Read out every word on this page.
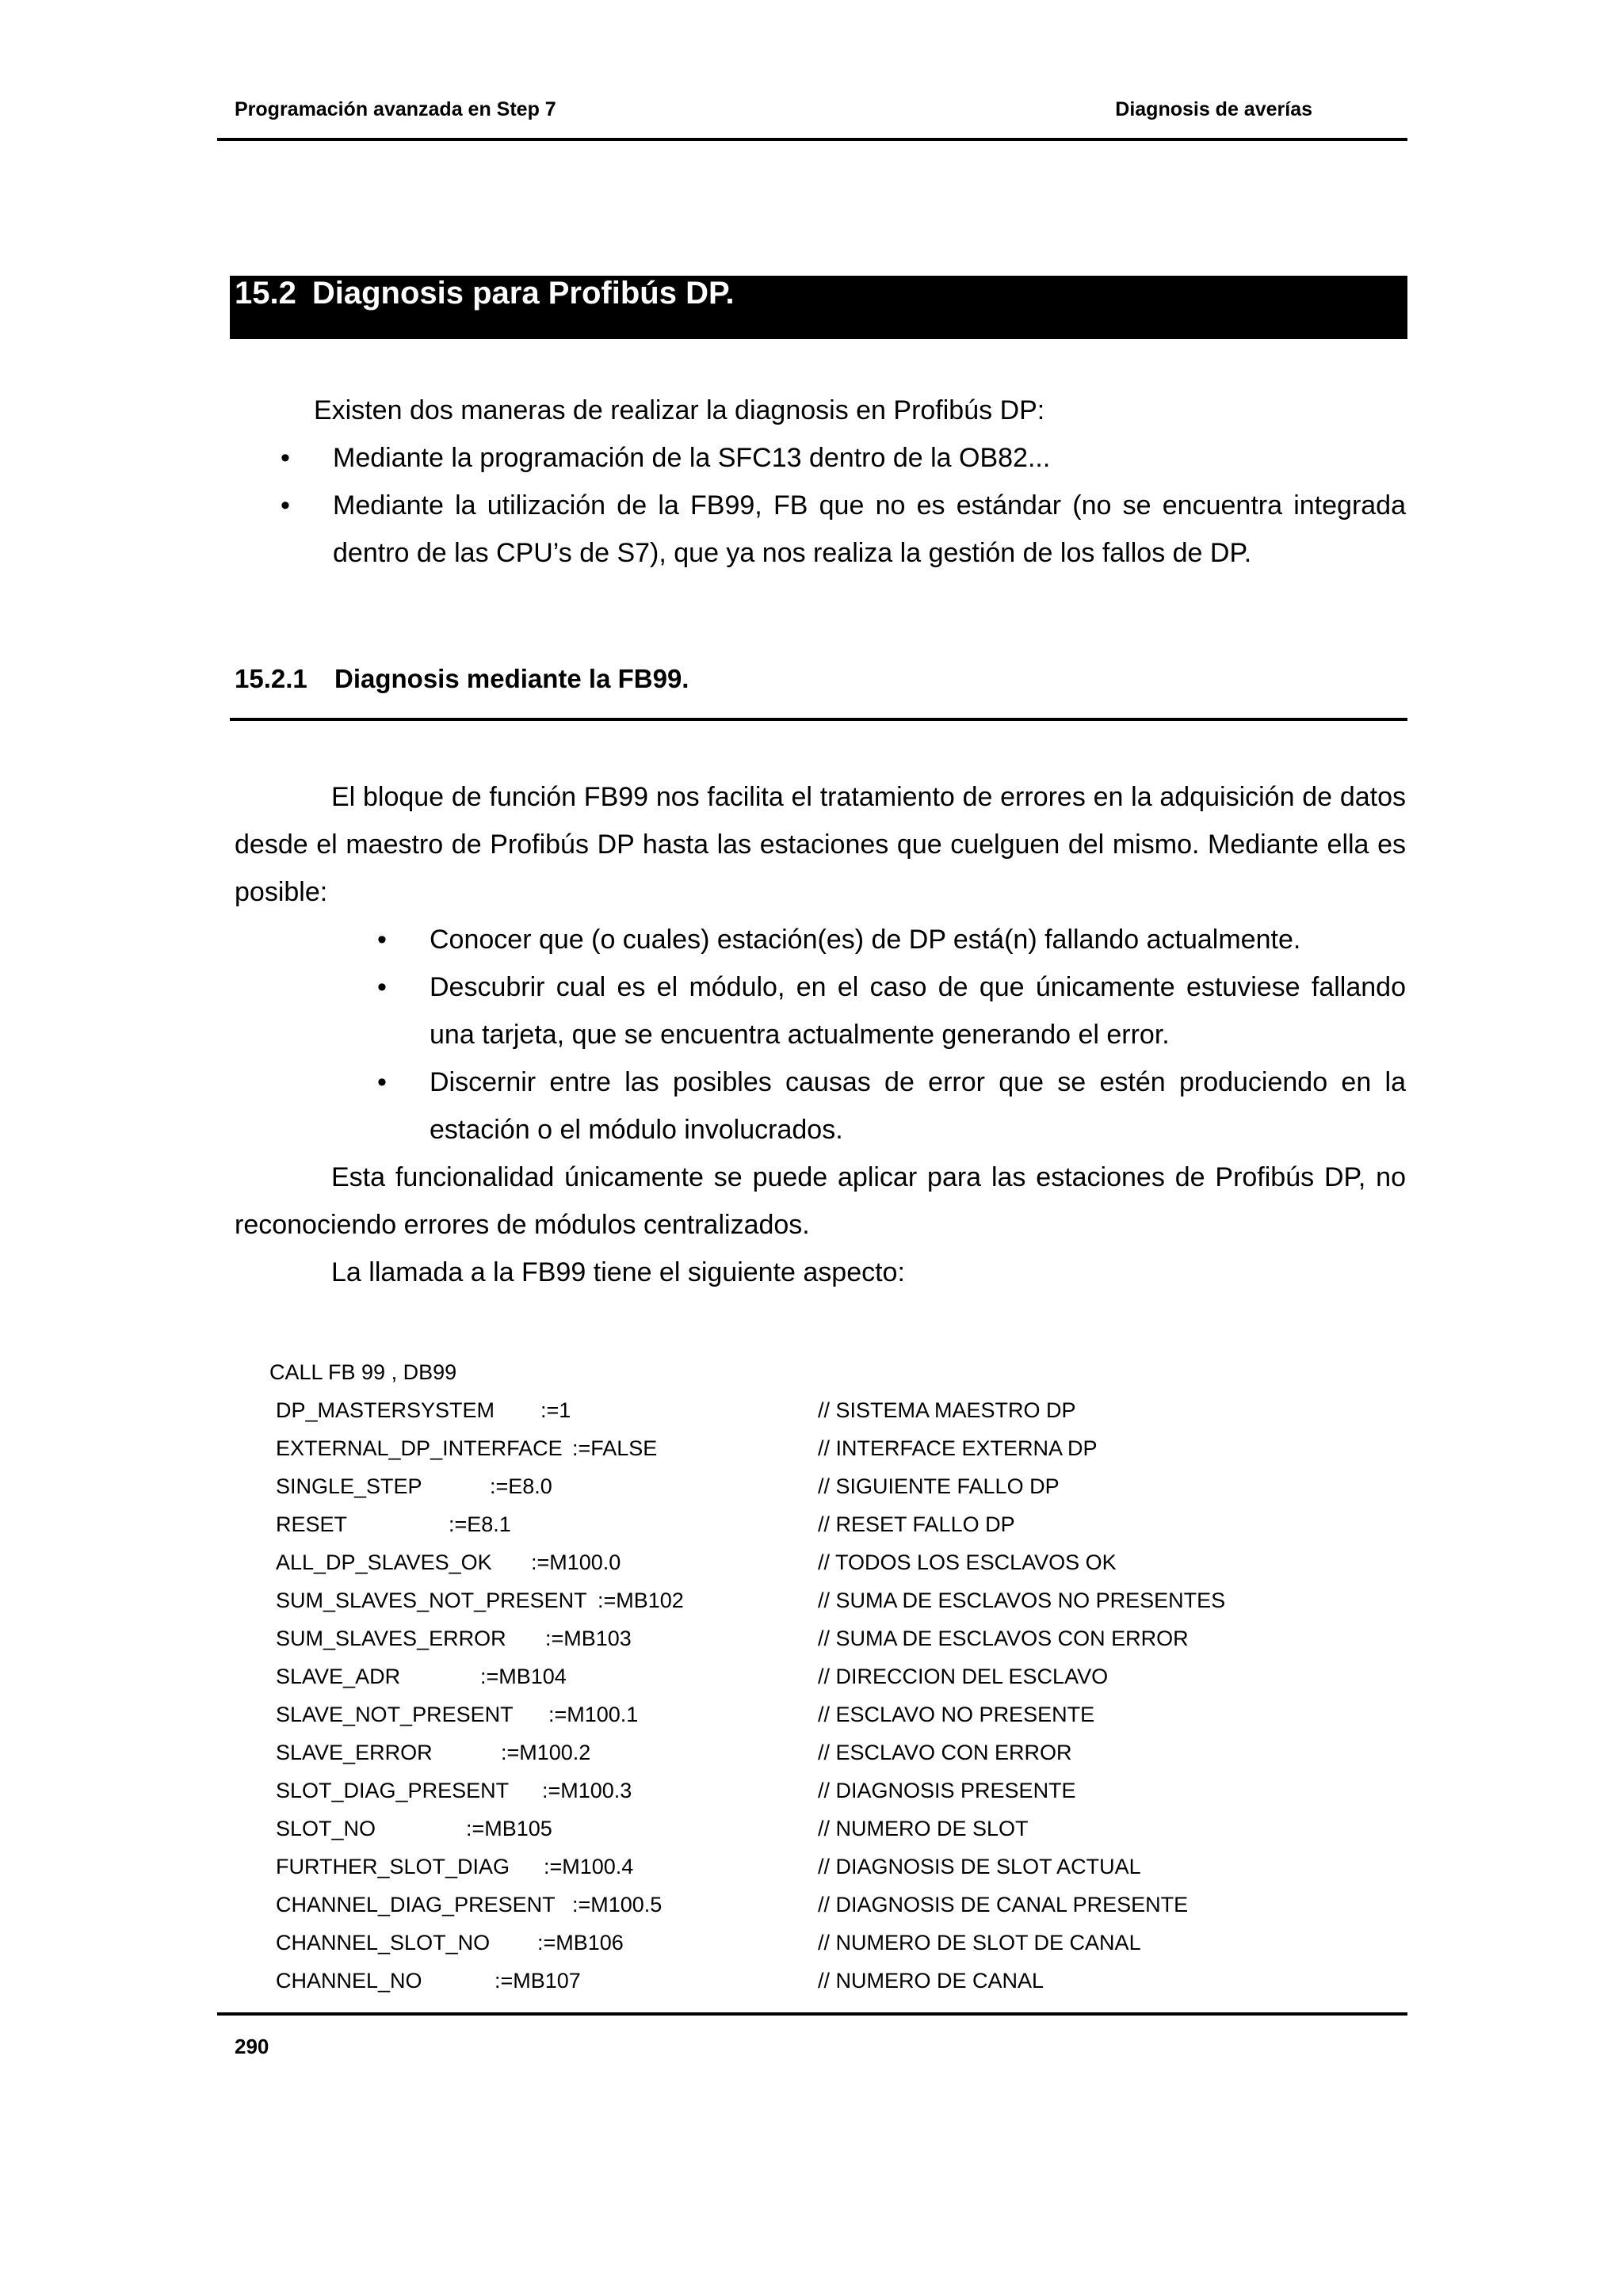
Programación avanzada en Step 7	Diagnosis de averías
15.2 Diagnosis para Profibús DP.
Existen dos maneras de realizar la diagnosis en Profibús DP:
• Mediante la programación de la SFC13 dentro de la OB82...
• Mediante la utilización de la FB99, FB que no es estándar (no se encuentra integrada dentro de las CPU’s de S7), que ya nos realiza la gestión de los fallos de DP.
15.2.1 Diagnosis mediante la FB99.
El bloque de función FB99 nos facilita el tratamiento de errores en la adquisición de datos desde el maestro de Profibús DP hasta las estaciones que cuelguen del mismo. Mediante ella es posible:
• Conocer que (o cuales) estación(es) de DP está(n) fallando actualmente.
• Descubrir cual es el módulo, en el caso de que únicamente estuviese fallando una tarjeta, que se encuentra actualmente generando el error.
• Discernir entre las posibles causas de error que se estén produciendo en la estación o el módulo involucrados.
Esta funcionalidad únicamente se puede aplicar para las estaciones de Profibús DP, no reconociendo errores de módulos centralizados.
La llamada a la FB99 tiene el siguiente aspecto:
CALL FB 99 , DB99
DP_MASTERSYSTEM :=1	// SISTEMA MAESTRO DP
EXTERNAL_DP_INTERFACE :=FALSE	// INTERFACE EXTERNA DP
SINGLE_STEP	:=E8.0	// SIGUIENTE FALLO DP
RESET	:=E8.1	// RESET FALLO DP
ALL_DP_SLAVES_OK :=M100.0	// TODOS LOS ESCLAVOS OK
SUM_SLAVES_NOT_PRESENT :=MB102	// SUMA DE ESCLAVOS NO PRESENTES
SUM_SLAVES_ERROR :=MB103	// SUMA DE ESCLAVOS CON ERROR
SLAVE_ADR	:=MB104	// DIRECCION DEL ESCLAVO
SLAVE_NOT_PRESENT :=M100.1	// ESCLAVO NO PRESENTE
SLAVE_ERROR	:=M100.2	// ESCLAVO CON ERROR
SLOT_DIAG_PRESENT :=M100.3	// DIAGNOSIS PRESENTE
SLOT_NO	:=MB105	// NUMERO DE SLOT
FURTHER_SLOT_DIAG :=M100.4	// DIAGNOSIS DE SLOT ACTUAL
CHANNEL_DIAG_PRESENT :=M100.5	// DIAGNOSIS DE CANAL PRESENTE
CHANNEL_SLOT_NO :=MB106	// NUMERO DE SLOT DE CANAL
CHANNEL_NO	:=MB107	// NUMERO DE CANAL
290
